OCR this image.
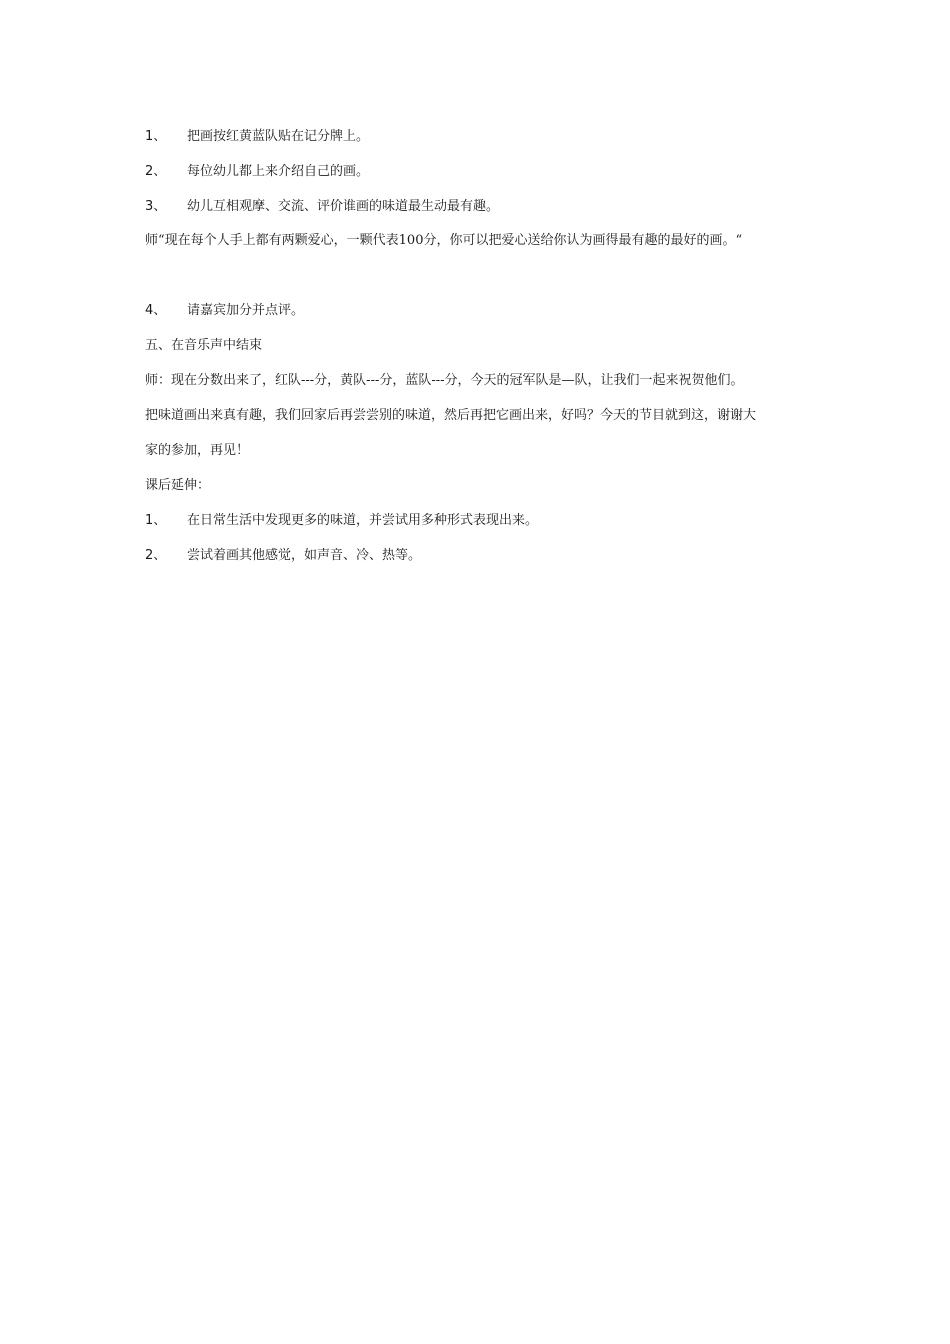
1、 把画按红黄蓝队贴在记分牌上。
2、 每位幼儿都上来介绍自己的画。
3、 幼儿互相观摩、交流、评价谁画的味道最生动最有趣。
师“现在每个人手上都有两颗爱心，一颗代表100分，你可以把爱心送给你认为画得最有趣的最好的画。“
4、 请嘉宾加分并点评。
五、在音乐声中结束
师：现在分数出来了，红队---分，黄队---分，蓝队---分，今天的冠军队是—队，让我们一起来祝贺他们。
把味道画出来真有趣，我们回家后再尝尝别的味道，然后再把它画出来，好吗？今天的节目就到这，谢谢大
家的参加，再见！
课后延伸：
1、 在日常生活中发现更多的味道，并尝试用多种形式表现出来。
2、 尝试着画其他感觉，如声音、冷、热等。
